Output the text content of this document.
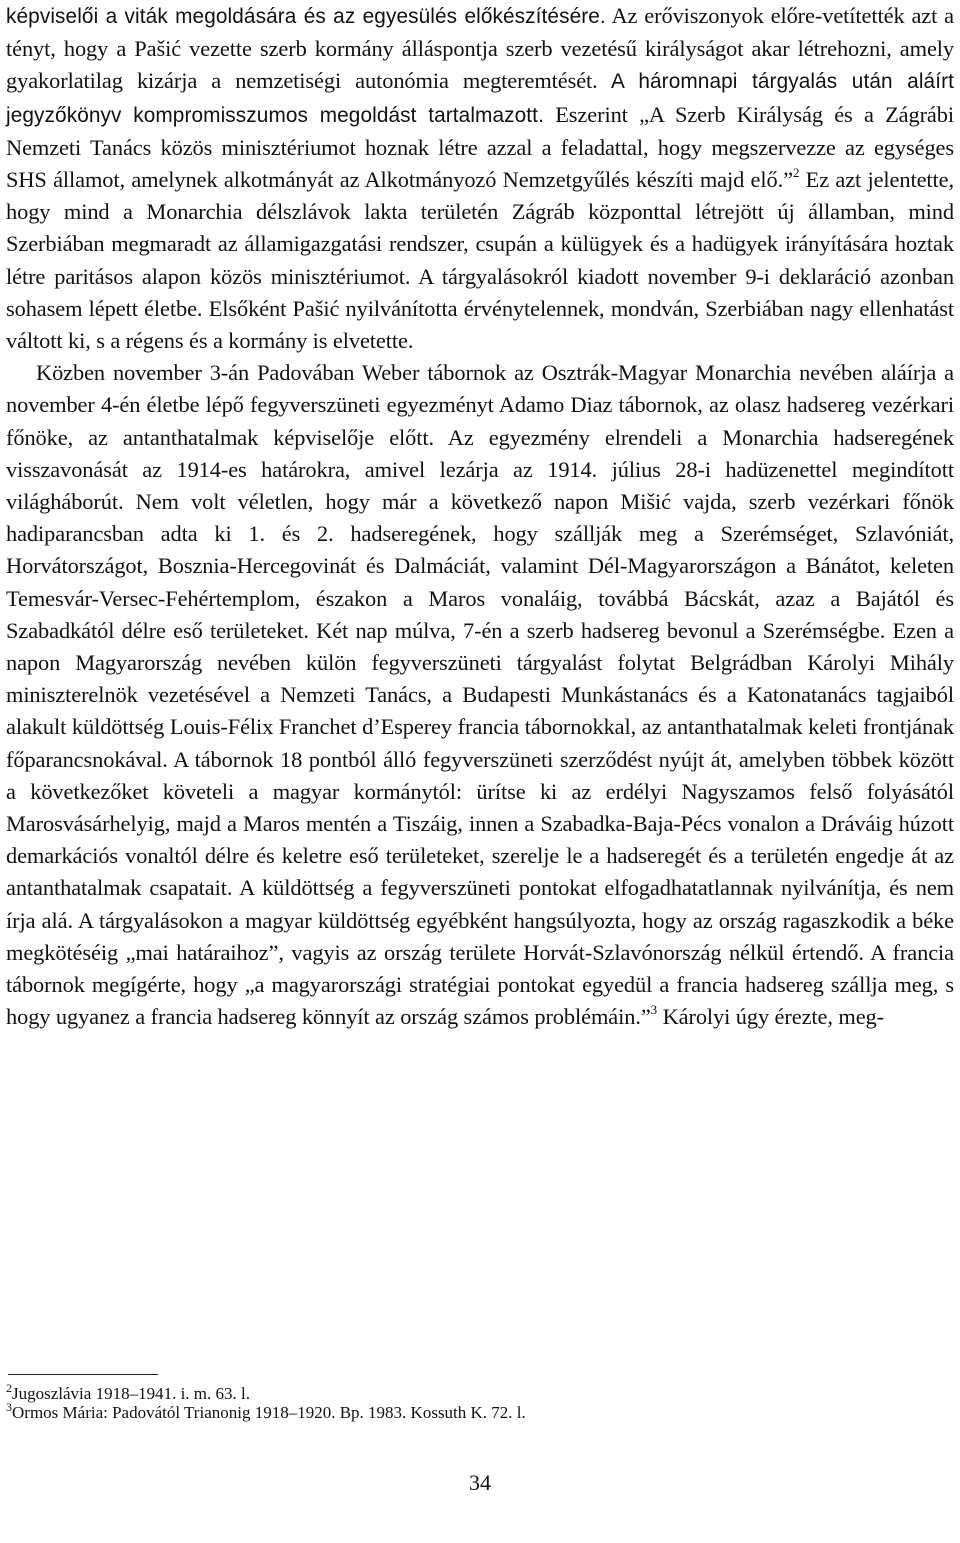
képviselői a viták megoldására és az egyesülés előkészítésére. Az erőviszonyok előre-vetítették azt a tényt, hogy a Pašić vezette szerb kormány álláspontja szerb vezetésű királyságot akar létrehozni, amely gyakorlatilag kizárja a nemzetiségi autonómia megteremtését. A háromnapi tárgyalás után aláírt jegyzőkönyv kompromisszumos megoldást tartalmazott. Eszerint „A Szerb Királyság és a Zágrábi Nemzeti Tanács közös minisztériumot hoznak létre azzal a feladattal, hogy megszervezze az egységes SHS államot, amelynek alkotmányát az Alkotmányozó Nemzetgyűlés készíti majd elő.”$^2$ Ez azt jelentette, hogy mind a Monarchia délszlávok lakta területén Zágráb központtal létrejött új államban, mind Szerbiában megmaradt az államigazgatási rendszer, csupán a külügyek és a hadügyek irányítására hoztak létre paritásos alapon közös minisztériumot. A tárgyalásokról kiadott november 9-i deklaráció azonban sohasem lépett életbe. Elsőként Pašić nyilvánította érvénytelennek, mondván, Szerbiában nagy ellenhatást váltott ki, s a régens és a kormány is elvetette.

Közben november 3-án Padovában Weber tábornok az Osztrák-Magyar Monarchia nevében aláírja a november 4-én életbe lépő fegyverszüneti egyezményt Adamo Diaz tábornok, az olasz hadsereg vezérkari főnöke, az antanthatalmak képviselője előtt. Az egyezmény elrendeli a Monarchia hadseregének visszavonását az 1914-es határokra, amivel lezárja az 1914. július 28-i hadüzenettel megindított világháborút. Nem volt véletlen, hogy már a következő napon Mišić vajda, szerb vezérkari főnök hadiparancsban adta ki 1. és 2. hadseregének, hogy szállják meg a Szerémséget, Szlavóniát, Horvátországot, Bosznia-Hercegovinát és Dalmáciát, valamint Dél-Magyarországon a Bánátot, keleten Temesvár-Versec-Fehértemplom, északon a Maros vonaláig, továbbá Bácskát, azaz a Bajától és Szabadkától délre eső területeket. Két nap múlva, 7-én a szerb hadsereg bevonul a Szerémségbe. Ezen a napon Magyarország nevében külön fegyverszüneti tárgyalást folytat Belgrádban Károlyi Mihály miniszterelnök vezetésével a Nemzeti Tanács, a Budapesti Munkástanács és a Katonatanács tagjaiból alakult küldöttség Louis-Félix Franchet d’Esperey francia tábornokkal, az antanthatalmak keleti frontjának főparancsnokával. A tábornok 18 pontból álló fegyverszüneti szerződést nyújt át, amelyben többek között a következőket követeli a magyar kormánytól: ürítse ki az erdélyi Nagyszamos felső folyásától Marosvásárhelyig, majd a Maros mentén a Tiszáig, innen a Szabadka-Baja-Pécs vonalon a Dráváig húzott demarkációs vonaltól délre és keletre eső területeket, szerelje le a hadseregét és a területén engedje át az antanthatalmak csapatait. A küldöttség a fegyverszüneti pontokat elfogadhatatlannak nyilvánítja, és nem írja alá. A tárgyalásokon a magyar küldöttség egyébként hangsúlyozta, hogy az ország ragaszkodik a béke megkötéséig „mai határaihoz”, vagyis az ország területe Horvát-Szlavónország nélkül értendő. A francia tábornok megígérte, hogy „a magyarországi stratégiai pontokat egyedül a francia hadsereg szállja meg, s hogy ugyanez a francia hadsereg könnyít az ország számos problémáin.”$^3$ Károlyi úgy érezte, meg-

$^2$Jugoszlávia 1918–1941. i. m. 63. l.

$^3$Ormos Mária: Padovától Trianonig 1918–1920. Bp. 1983. Kossuth K. 72. l.

34
